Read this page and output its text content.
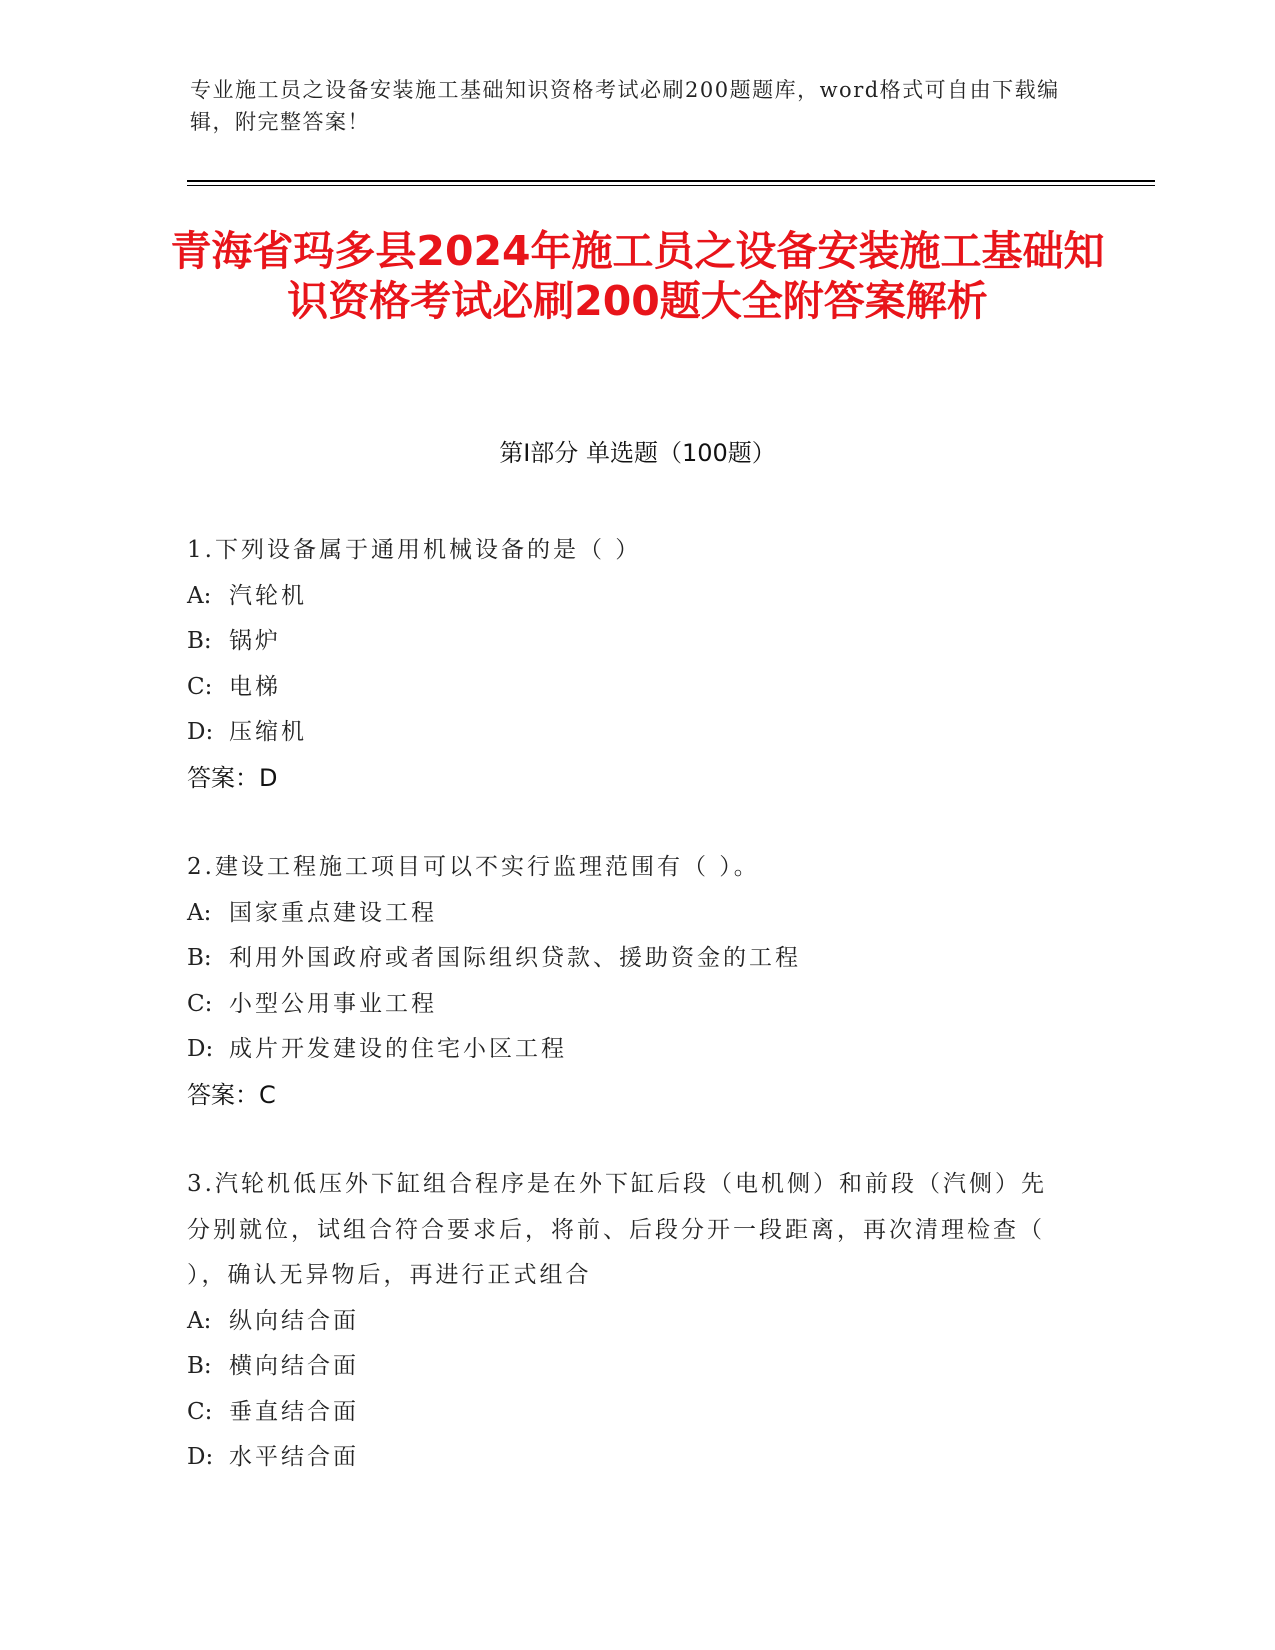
专业施工员之设备安装施工基础知识资格考试必刷200题题库，word格式可自由下载编辑，附完整答案！
青海省玛多县2024年施工员之设备安装施工基础知识资格考试必刷200题大全附答案解析
第Ⅰ部分 单选题（100题）

1.下列设备属于通用机械设备的是（ ）

A: 汽轮机

B: 锅炉

C: 电梯

D: 压缩机

答案：D

2.建设工程施工项目可以不实行监理范围有（ ）。

A: 国家重点建设工程

B: 利用外国政府或者国际组织贷款、援助资金的工程

C: 小型公用事业工程

D: 成片开发建设的住宅小区工程

答案：C

3.汽轮机低压外下缸组合程序是在外下缸后段（电机侧）和前段（汽侧）先分别就位，试组合符合要求后，将前、后段分开一段距离，再次清理检查（ ），确认无异物后，再进行正式组合

A: 纵向结合面

B: 横向结合面

C: 垂直结合面

D: 水平结合面
